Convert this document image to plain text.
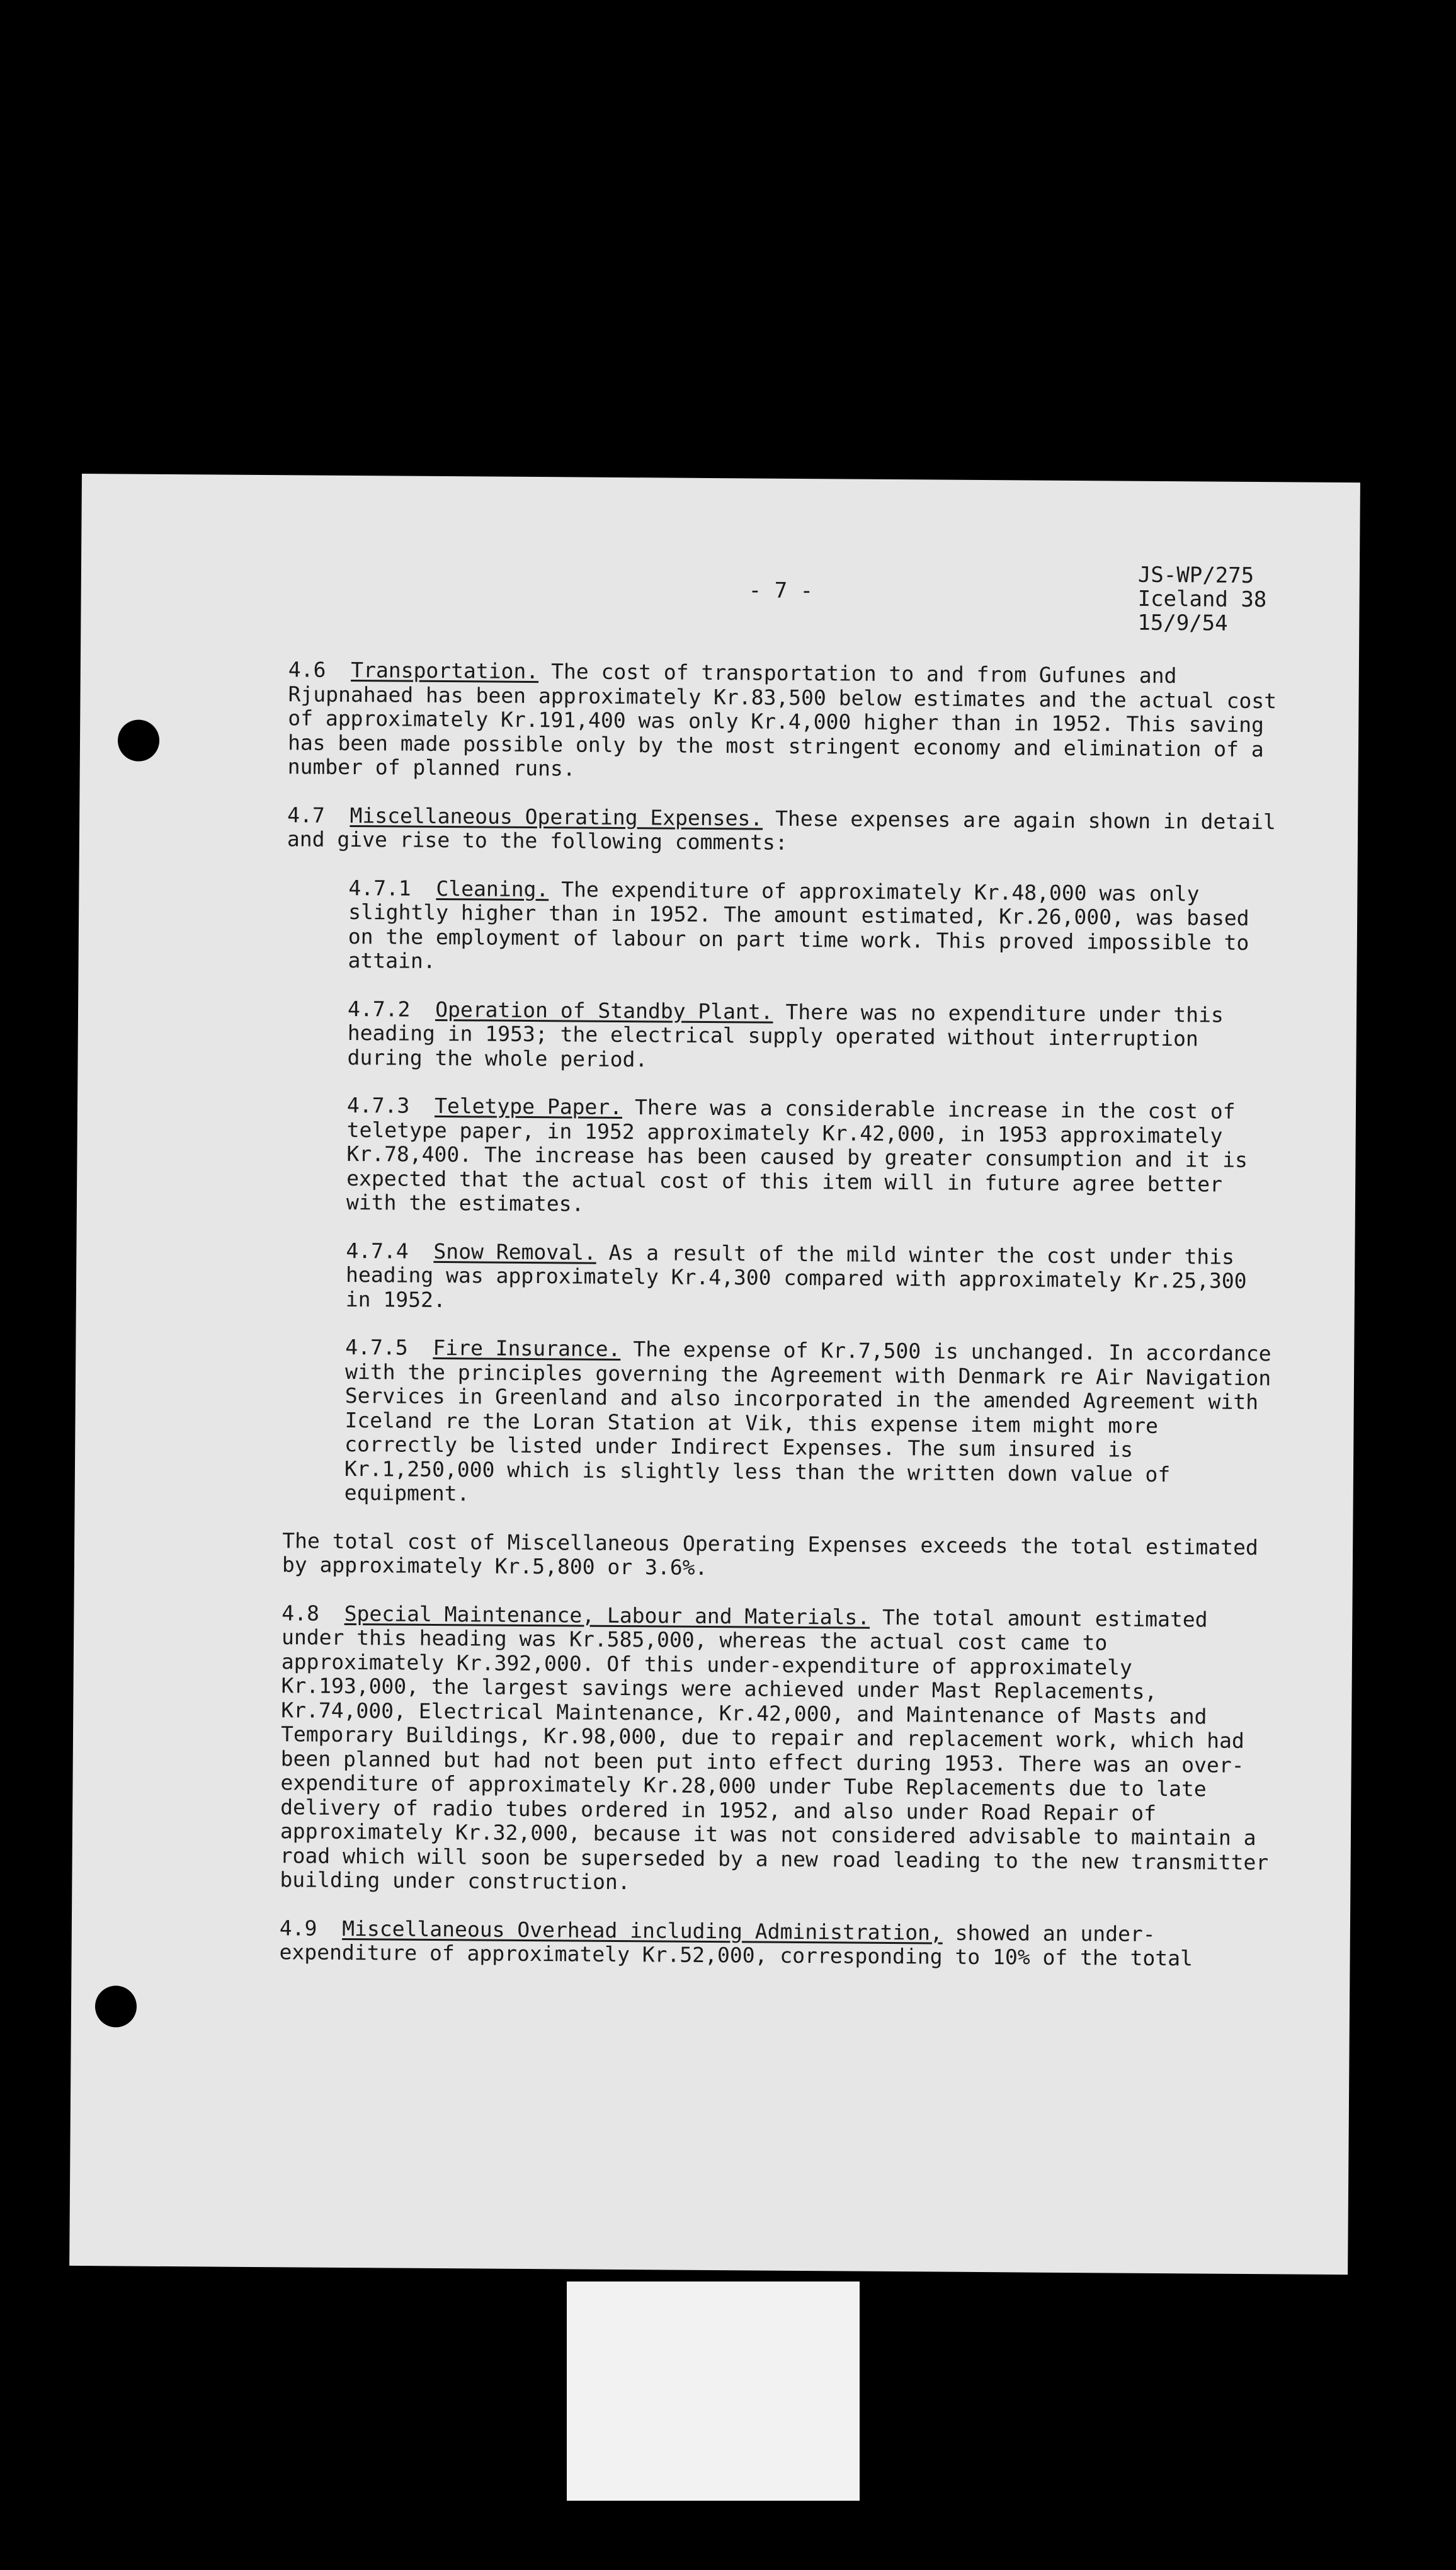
- 7 -
JS-WP/275
Iceland 38
15/9/54

4.6 Transportation. The cost of transportation to and from Gufunes and Rjupnahaed has been approximately Kr.83,500 below estimates and the actual cost of approximately Kr.191,400 was only Kr.4,000 higher than in 1952. This saving has been made possible only by the most stringent economy and elimination of a number of planned runs.

4.7 Miscellaneous Operating Expenses. These expenses are again shown in detail and give rise to the following comments:

4.7.1 Cleaning. The expenditure of approximately Kr.48,000 was only slightly higher than in 1952. The amount estimated, Kr.26,000, was based on the employment of labour on part time work. This proved impossible to attain.

4.7.2 Operation of Standby Plant. There was no expenditure under this heading in 1953; the electrical supply operated without interruption during the whole period.

4.7.3 Teletype Paper. There was a considerable increase in the cost of teletype paper, in 1952 approximately Kr.42,000, in 1953 approximately Kr.78,400. The increase has been caused by greater consumption and it is expected that the actual cost of this item will in future agree better with the estimates.

4.7.4 Snow Removal. As a result of the mild winter the cost under this heading was approximately Kr.4,300 compared with approximately Kr.25,300 in 1952.

4.7.5 Fire Insurance. The expense of Kr.7,500 is unchanged. In accordance with the principles governing the Agreement with Denmark re Air Navigation Services in Greenland and also incorporated in the amended Agreement with Iceland re the Loran Station at Vik, this expense item might more correctly be listed under Indirect Expenses. The sum insured is Kr.1,250,000 which is slightly less than the written down value of equipment.

The total cost of Miscellaneous Operating Expenses exceeds the total estimated by approximately Kr.5,800 or 3.6%.

4.8 Special Maintenance, Labour and Materials. The total amount estimated under this heading was Kr.585,000, whereas the actual cost came to approximately Kr.392,000. Of this under-expenditure of approximately Kr.193,000, the largest savings were achieved under Mast Replacements, Kr.74,000, Electrical Maintenance, Kr.42,000, and Maintenance of Masts and Temporary Buildings, Kr.98,000, due to repair and replacement work, which had been planned but had not been put into effect during 1953. There was an over-expenditure of approximately Kr.28,000 under Tube Replacements due to late delivery of radio tubes ordered in 1952, and also under Road Repair of approximately Kr.32,000, because it was not considered advisable to maintain a road which will soon be superseded by a new road leading to the new transmitter building under construction.

4.9 Miscellaneous Overhead including Administration, showed an under-expenditure of approximately Kr.52,000, corresponding to 10% of the total
